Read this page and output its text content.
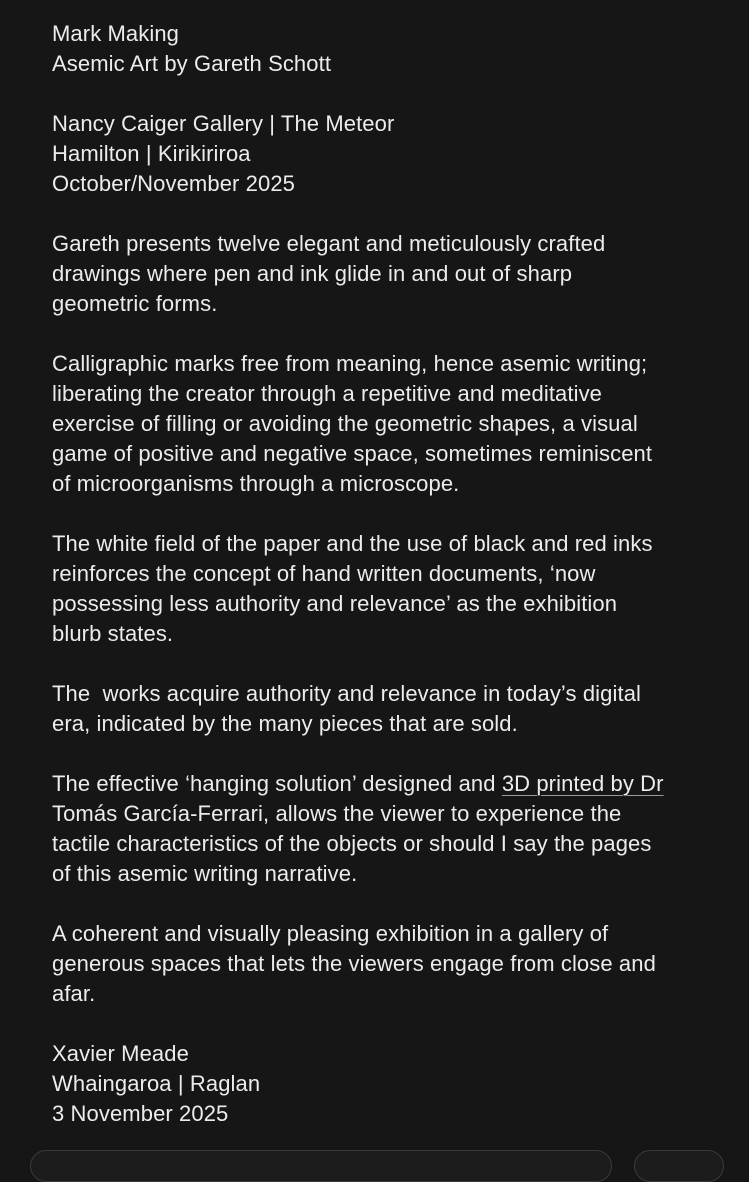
Mark Making
Asemic Art by Gareth Schott
Nancy Caiger Gallery | The Meteor
Hamilton | Kirikiriroa
October/November 2025
Gareth presents twelve elegant and meticulously crafted
drawings where pen and ink glide in and out of sharp
geometric forms.
Calligraphic marks free from meaning, hence asemic writing;
liberating the creator through a repetitive and meditative
exercise of filling or avoiding the geometric shapes, a visual
game of positive and negative space, sometimes reminiscent
of microorganisms through a microscope.
The white field of the paper and the use of black and red inks
reinforces the concept of hand written documents, ‘now
possessing less authority and relevance’ as the exhibition
blurb states.
The  works acquire authority and relevance in today’s digital
era, indicated by the many pieces that are sold.
The effective ‘hanging solution’ designed and 3D printed by Dr
Tomás García-Ferrari, allows the viewer to experience the
tactile characteristics of the objects or should I say the pages
of this asemic writing narrative.
A coherent and visually pleasing exhibition in a gallery of
generous spaces that lets the viewers engage from close and
afar.
Xavier Meade
Whaingaroa | Raglan
3 November 2025
